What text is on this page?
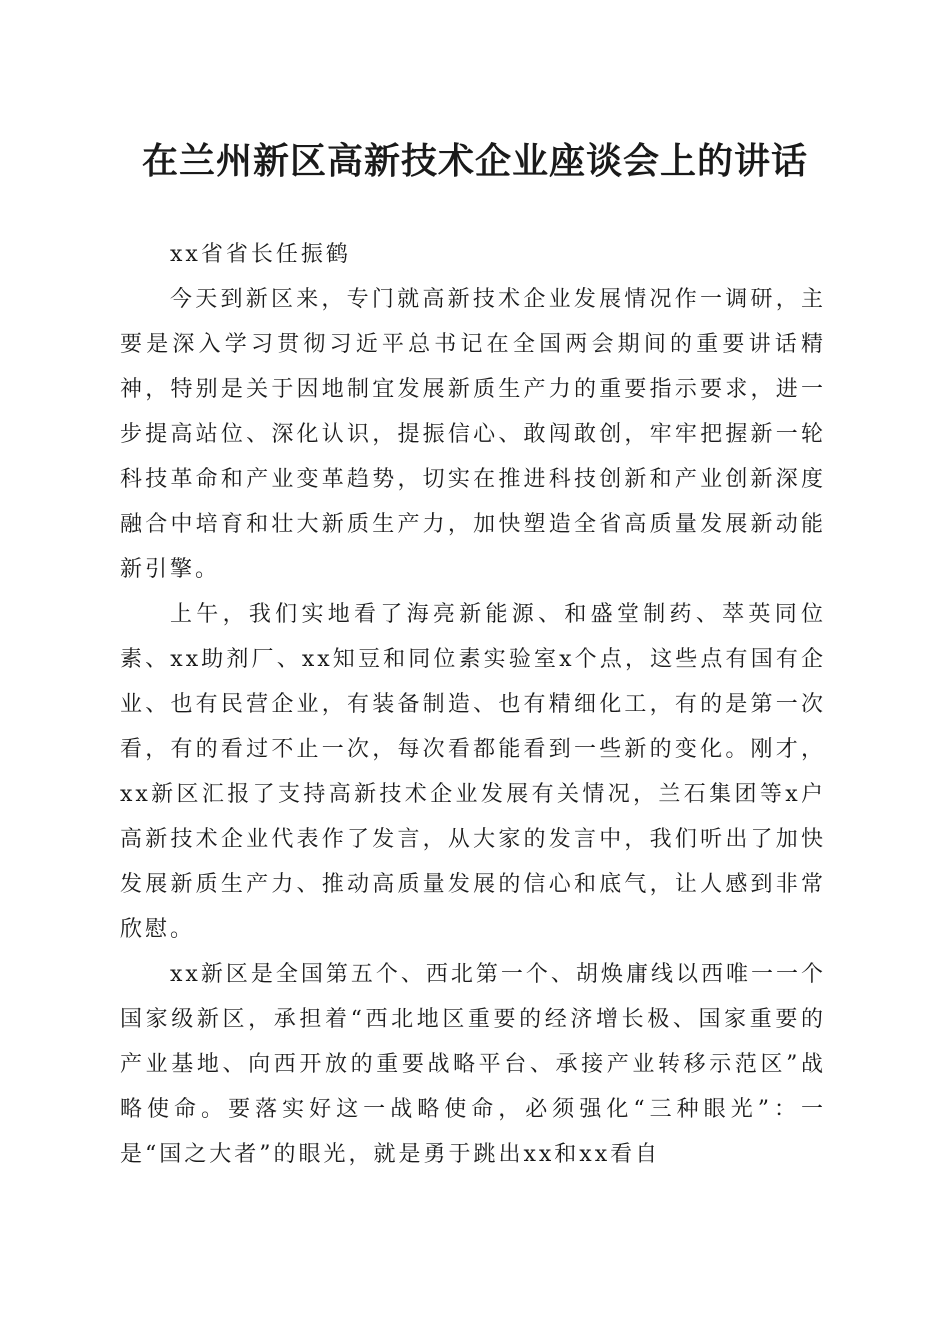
在兰州新区高新技术企业座谈会上的讲话

xx省省长任振鹤

今天到新区来，专门就高新技术企业发展情况作一调研，主要是深入学习贯彻习近平总书记在全国两会期间的重要讲话精神，特别是关于因地制宜发展新质生产力的重要指示要求，进一步提高站位、深化认识，提振信心、敢闯敢创，牢牢把握新一轮科技革命和产业变革趋势，切实在推进科技创新和产业创新深度融合中培育和壮大新质生产力，加快塑造全省高质量发展新动能新引擎。

上午，我们实地看了海亮新能源、和盛堂制药、萃英同位素、xx助剂厂、xx知豆和同位素实验室x个点，这些点有国有企业、也有民营企业，有装备制造、也有精细化工，有的是第一次看，有的看过不止一次，每次看都能看到一些新的变化。刚才，xx新区汇报了支持高新技术企业发展有关情况，兰石集团等x户高新技术企业代表作了发言，从大家的发言中，我们听出了加快发展新质生产力、推动高质量发展的信心和底气，让人感到非常欣慰。

xx新区是全国第五个、西北第一个、胡焕庸线以西唯一一个国家级新区，承担着“西北地区重要的经济增长极、国家重要的产业基地、向西开放的重要战略平台、承接产业转移示范区”战略使命。要落实好这一战略使命，必须强化“三种眼光”：一是“国之大者”的眼光，就是勇于跳出xx和xx看自
